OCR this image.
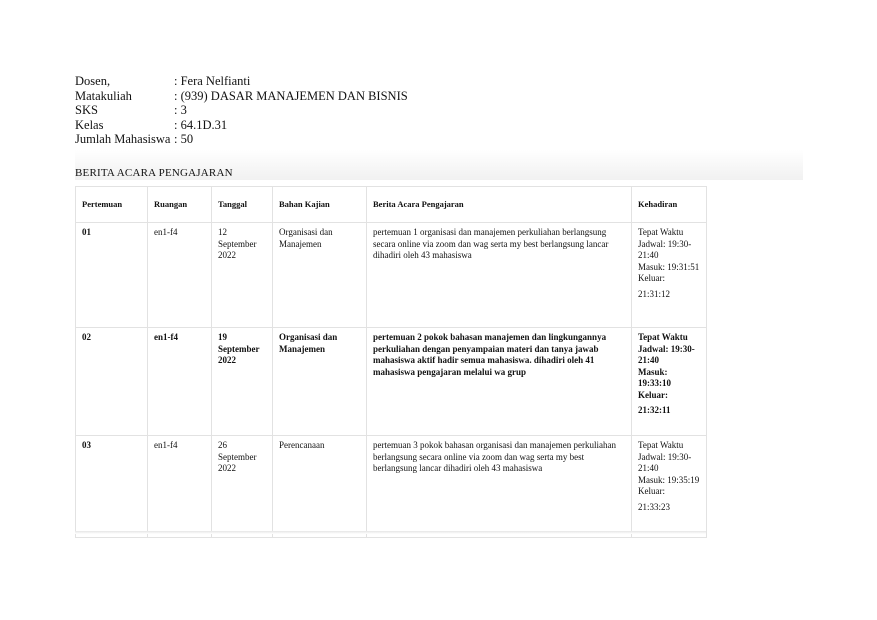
Dosen,	: Fera Nelfianti
Matakuliah	: (939) DASAR MANAJEMEN DAN BISNIS
SKS	: 3
Kelas	: 64.1D.31
Jumlah Mahasiswa : 50
BERITA ACARA PENGAJARAN
Pertemuan	Ruangan	Tanggal	Bahan Kajian	Berita Acara Pengajaran	Kehadiran
01	en1-f4	12 September 2022	Organisasi dan Manajemen	pertemuan 1 organisasi dan manajemen perkuliahan berlangsung secara online via zoom dan wag serta my best berlangsung lancar dihadiri oleh 43 mahasiswa	Tepat Waktu
Jadwal: 19:30-21:40
Masuk: 19:31:51
Keluar:
21:31:12

02	en1-f4	19 September 2022	Organisasi dan Manajemen	pertemuan 2 pokok bahasan manajemen dan lingkungannya perkuliahan dengan penyampaian materi dan tanya jawab mahasiswa aktif hadir semua mahasiswa. dihadiri oleh 41 mahasiswa pengajaran melalui wa grup	Tepat Waktu
Jadwal: 19:30-21:40
Masuk: 19:33:10
Keluar:
21:32:11

03	en1-f4	26 September 2022	Perencanaan	pertemuan 3 pokok bahasan organisasi dan manajemen perkuliahan berlangsung secara online via zoom dan wag serta my best berlangsung lancar dihadiri oleh 43 mahasiswa	Tepat Waktu
Jadwal: 19:30-21:40
Masuk: 19:35:19
Keluar:
21:33:23
